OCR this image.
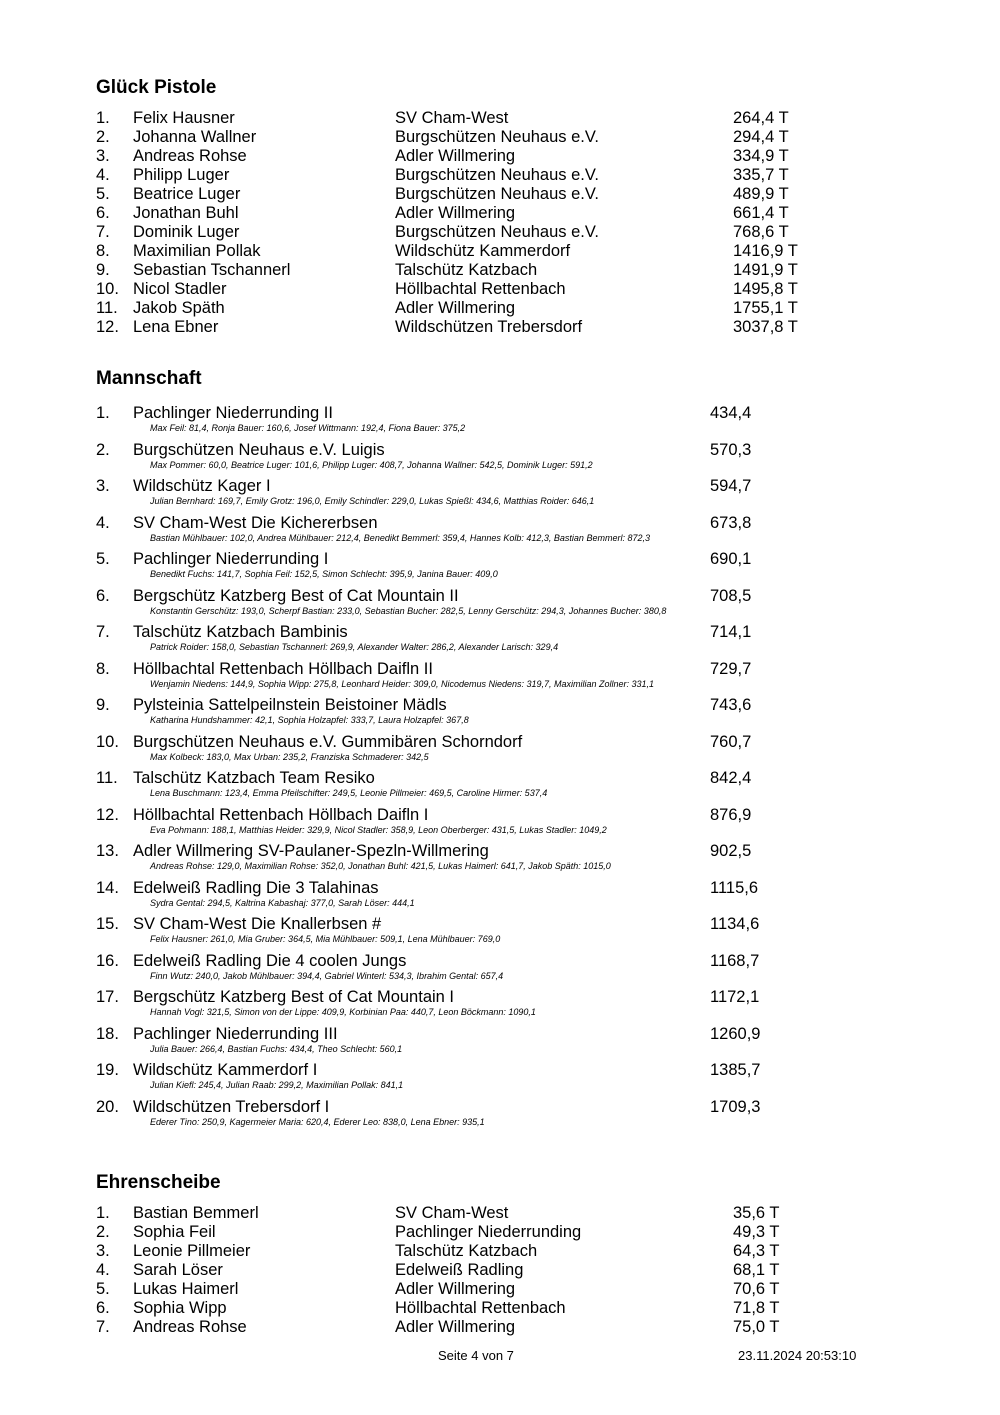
Glück Pistole
1. Felix Hausner	SV Cham-West	264,4 T
2. Johanna Wallner	Burgschützen Neuhaus e.V.	294,4 T
3. Andreas Rohse	Adler Willmering	334,9 T
4. Philipp Luger	Burgschützen Neuhaus e.V.	335,7 T
5. Beatrice Luger	Burgschützen Neuhaus e.V.	489,9 T
6. Jonathan Buhl	Adler Willmering	661,4 T
7. Dominik Luger	Burgschützen Neuhaus e.V.	768,6 T
8. Maximilian Pollak	Wildschütz Kammerdorf	1416,9 T
9. Sebastian Tschannerl	Talschütz Katzbach	1491,9 T
10. Nicol Stadler	Höllbachtal Rettenbach	1495,8 T
11. Jakob Späth	Adler Willmering	1755,1 T
12. Lena Ebner	Wildschützen Trebersdorf	3037,8 T
Mannschaft
1. Pachlinger Niederrunding II	434,4
Max Feil: 81,4, Ronja Bauer: 160,6, Josef Wittmann: 192,4, Fiona Bauer: 375,2
2. Burgschützen Neuhaus e.V. Luigis	570,3
Max Pommer: 60,0, Beatrice Luger: 101,6, Philipp Luger: 408,7, Johanna Wallner: 542,5, Dominik Luger: 591,2
3. Wildschütz Kager I	594,7
Julian Bernhard: 169,7, Emily Grotz: 196,0, Emily Schindler: 229,0, Lukas Spießl: 434,6, Matthias Roider: 646,1
4. SV Cham-West Die Kichererbsen	673,8
Bastian Mühlbauer: 102,0, Andrea Mühlbauer: 212,4, Benedikt Bemmerl: 359,4, Hannes Kolb: 412,3, Bastian Bemmerl: 872,3
5. Pachlinger Niederrunding I	690,1
Benedikt Fuchs: 141,7, Sophia Feil: 152,5, Simon Schlecht: 395,9, Janina Bauer: 409,0
6. Bergschütz Katzberg Best of Cat Mountain II	708,5
Konstantin Gerschütz: 193,0, Scherpf Bastian: 233,0, Sebastian Bucher: 282,5, Lenny Gerschütz: 294,3, Johannes Bucher: 380,8
7. Talschütz Katzbach Bambinis	714,1
Patrick Roider: 158,0, Sebastian Tschannerl: 269,9, Alexander Walter: 286,2, Alexander Larisch: 329,4
8. Höllbachtal Rettenbach Höllbach Daifln II	729,7
Wenjamin Niedens: 144,9, Sophia Wipp: 275,8, Leonhard Heider: 309,0, Nicodemus Niedens: 319,7, Maximilian Zollner: 331,1
9. Pylsteinia Sattelpeilnstein Beistoiner Mädls	743,6
Katharina Hundshammer: 42,1, Sophia Holzapfel: 333,7, Laura Holzapfel: 367,8
10. Burgschützen Neuhaus e.V. Gummibären Schorndorf	760,7
Max Kolbeck: 183,0, Max Urban: 235,2, Franziska Schmaderer: 342,5
11. Talschütz Katzbach Team Resiko	842,4
Lena Buschmann: 123,4, Emma Pfeilschifter: 249,5, Leonie Pillmeier: 469,5, Caroline Hirmer: 537,4
12. Höllbachtal Rettenbach Höllbach Daifln I	876,9
Eva Pohmann: 188,1, Matthias Heider: 329,9, Nicol Stadler: 358,9, Leon Oberberger: 431,5, Lukas Stadler: 1049,2
13. Adler Willmering SV-Paulaner-Spezln-Willmering	902,5
Andreas Rohse: 129,0, Maximilian Rohse: 352,0, Jonathan Buhl: 421,5, Lukas Haimerl: 641,7, Jakob Späth: 1015,0
14. Edelweiß Radling Die 3 Talahinas	1115,6
Sydra Gental: 294,5, Kaltrina Kabashaj: 377,0, Sarah Löser: 444,1
15. SV Cham-West Die Knallerbsen #	1134,6
Felix Hausner: 261,0, Mia Gruber: 364,5, Mia Mühlbauer: 509,1, Lena Mühlbauer: 769,0
16. Edelweiß Radling Die 4 coolen Jungs	1168,7
Finn Wutz: 240,0, Jakob Mühlbauer: 394,4, Gabriel Winterl: 534,3, Ibrahim Gental: 657,4
17. Bergschütz Katzberg Best of Cat Mountain I	1172,1
Hannah Vogl: 321,5, Simon von der Lippe: 409,9, Korbinian Paa: 440,7, Leon Böckmann: 1090,1
18. Pachlinger Niederrunding III	1260,9
Julia Bauer: 266,4, Bastian Fuchs: 434,4, Theo Schlecht: 560,1
19. Wildschütz Kammerdorf I	1385,7
Julian Kiefl: 245,4, Julian Raab: 299,2, Maximilian Pollak: 841,1
20. Wildschützen Trebersdorf I	1709,3
Ederer Tino: 250,9, Kagermeier Maria: 620,4, Ederer Leo: 838,0, Lena Ebner: 935,1
Ehrenscheibe
1. Bastian Bemmerl	SV Cham-West	35,6 T
2. Sophia Feil	Pachlinger Niederrunding	49,3 T
3. Leonie Pillmeier	Talschütz Katzbach	64,3 T
4. Sarah Löser	Edelweiß Radling	68,1 T
5. Lukas Haimerl	Adler Willmering	70,6 T
6. Sophia Wipp	Höllbachtal Rettenbach	71,8 T
7. Andreas Rohse	Adler Willmering	75,0 T
Seite 4 von 7	23.11.2024 20:53:10
